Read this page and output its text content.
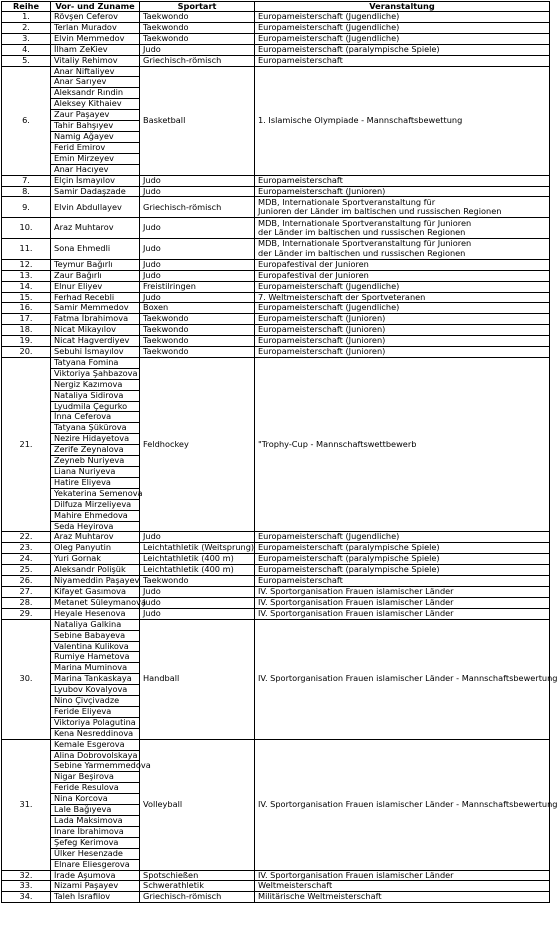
Reihe	Vor- und Zuname	Sportart	Veranstaltung
1.	Rövşen Ceferov	Taekwondo	Europameisterschaft (Jugendliche)
2.	Terlan Muradov	Taekwondo	Europameisterschaft (Jugendliche)
3.	Elvin Memmedov	Taekwondo	Europameisterschaft (Jugendliche)
4.	İlham ZeKiev	Judo	Europameisterschaft (paralympische Spiele)
5.	Vitaliy Rehimov	Griechisch-römisch	Europameisterschaft
6.	Anar Niftaliyev	Basketball	1. Islamische Olympiade - Mannschaftsbewettung
	Anar Sarıyev		
	Aleksandr Rındin		
	Aleksey Kithaiev		
	Zaur Paşayev		
	Tahir Bahşıyev		
	Namig Ağayev		
	Ferid Emirov		
	Emin Mirzeyev		
	Anar Hacıyev		
7.	Elçin İsmayılov	Judo	Europameisterschaft
8.	Samir Dadaşzade	Judo	Europameisterschaft (Junioren)
9.	Elvin Abdullayev	Griechisch-römisch	MDB, Internationale Sportveranstaltung für
Junioren der Länder im baltischen und russischen Regionen
10.	Araz Muhtarov	Judo	MDB, Internationale Sportveranstaltung für Junioren
der Länder im baltischen und russischen Regionen
11.	Sona Ehmedli	Judo	MDB, Internationale Sportveranstaltung für Junioren
der Länder im baltischen und russischen Regionen
12.	Teymur Bağırlı	Judo	Europafestival der Junioren
13.	Zaur Bağırlı	Judo	Europafestival der Junioren
14.	Elnur Eliyev	Freistilringen	Europameisterschaft (Jugendliche)
15.	Ferhad Recebli	Judo	7. Weltmeisterschaft der Sportveteranen
16.	Samir Memmedov	Boxen	Europameisterschaft (Jugendliche)
17.	Fatma İbrahimova	Taekwondo	Europameisterschaft (Junioren)
18.	Nicat Mikayılov	Taekwondo	Europameisterschaft (Junioren)
19.	Nicat Hagverdiyev	Taekwondo	Europameisterschaft (Junioren)
20.	Sebuhi İsmayılov	Taekwondo	Europameisterschaft (Junioren)
21.	Tatyana Fomina	Feldhockey	"Trophy-Cup - Mannschaftswettbewerb
	Viktoriya Şahbazova		
	Nergiz Kazımova		
	Nataliya Sidirova		
	Lyudmila Çegurko		
	İnna Ceferova		
	Tatyana Şükürova		
	Nezire Hidayetova		
	Zerife Zeynalova		
	Zeyneb Nuriyeva		
	Liana Nuriyeva		
	Hatire Eliyeva		
	Yekaterina Semenova		
	Dilfuza Mirzeliyeva		
	Mahire Ehmedova		
	Seda Heyirova		
22.	Araz Muhtarov	Judo	Europameisterschaft (Jugendliche)
23.	Oleg Panyutin	Leichtathletik (Weitsprung)	Europameisterschaft (paralympische Spiele)
24.	Yuri Gornak	Leichtathletik (400 m)	Europameisterschaft (paralympische Spiele)
25.	Aleksandr Polişük	Leichtathletik (400 m)	Europameisterschaft (paralympische Spiele)
26.	Niyameddin Paşayev	Taekwondo	Europameisterschaft
27.	Kifayet Gasımova	Judo	IV. Sportorganisation Frauen islamischer Länder
28.	Metanet Süleymanova	Judo	IV. Sportorganisation Frauen islamischer Länder
29.	Heyale Hesenova	Judo	IV. Sportorganisation Frauen islamischer Länder
30.	Nataliya Galkina	Handball	IV. Sportorganisation Frauen islamischer Länder - Mannschaftsbewertung
	Sebine Babayeva		
	Valentina Kulikova		
	Rumiye Hametova		
	Marina Muminova		
	Marina Tankaskaya		
	Lyubov Kovalyova		
	Nino Çivçivadze		
	Feride Eliyeva		
	Viktoriya Polagutina		
	Kena Nesreddinova		
31.	Kemale Esgerova	Volleyball	IV. Sportorganisation Frauen islamischer Länder - Mannschaftsbewertung
	Alina Dobrovolskaya		
	Sebine Yarmemmedova		
	Nigar Beşirova		
	Feride Resulova		
	Nina Korcova		
	Lale Bağıyeva		
	Lada Maksimova		
	İnare İbrahimova		
	Şefeg Kerimova		
	Ülker Hesenzade		
	Elnare Eliesgerova		
32.	İrade Aşumova	Spotschießen	IV. Sportorganisation Frauen islamischer Länder
33.	Nizami Paşayev	Schwerathletik	Weltmeisterschaft
34.	Taleh İsrafilov	Griechisch-römisch	Militärische Weltmeisterschaft
